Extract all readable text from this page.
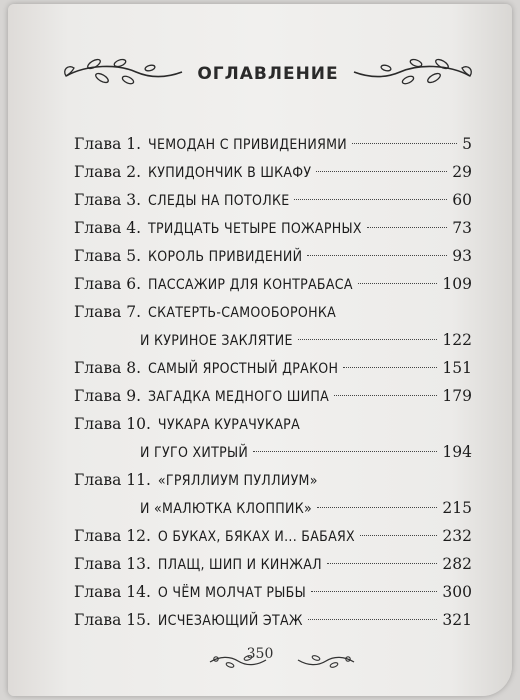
ОГЛАВЛЕНИЕ
Глава 1. ЧЕМОДАН С ПРИВИДЕНИЯМИ	5
Глава 2. КУПИДОНЧИК В ШКАФУ	29
Глава 3. СЛЕДЫ НА ПОТОЛКЕ	60
Глава 4. ТРИДЦАТЬ ЧЕТЫРЕ ПОЖАРНЫХ	73
Глава 5. КОРОЛЬ ПРИВИДЕНИЙ	93
Глава 6. ПАССАЖИР ДЛЯ КОНТРАБАСА	109
Глава 7. СКАТЕРТЬ-САМООБОРОНКА
И КУРИНОЕ ЗАКЛЯТИЕ	122
Глава 8. САМЫЙ ЯРОСТНЫЙ ДРАКОН	151
Глава 9. ЗАГАДКА МЕДНОГО ШИПА	179
Глава 10. ЧУКАРА КУРАЧУКАРА
И ГУГО ХИТРЫЙ	194
Глава 11. «ГРЯЛЛИУМ ПУЛЛИУМ»
И «МАЛЮТКА КЛОППИК»	215
Глава 12. О БУКАХ, БЯКАХ И... БАБАЯХ	232
Глава 13. ПЛАЩ, ШИП И КИНЖАЛ	282
Глава 14. О ЧЁМ МОЛЧАТ РЫБЫ	300
Глава 15. ИСЧЕЗАЮЩИЙ ЭТАЖ	321
350
